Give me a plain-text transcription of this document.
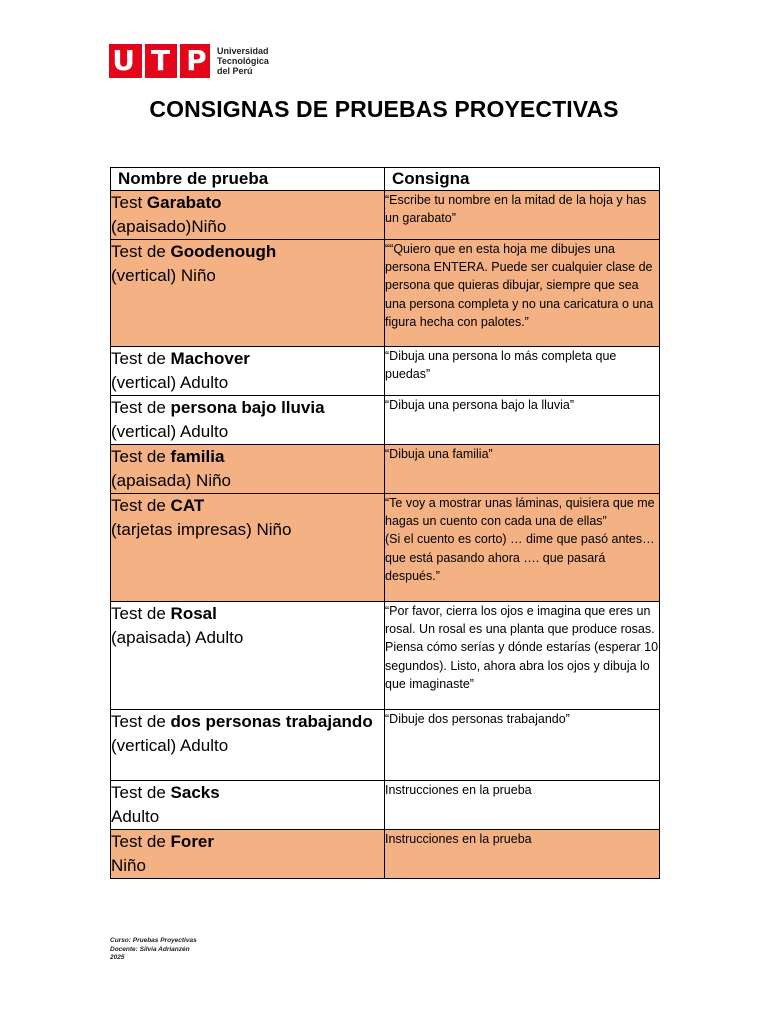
U T P Universidad
Tecnológica
del Perú
CONSIGNAS DE PRUEBAS PROYECTIVAS
Nombre de prueba	Consigna
Test Garabato
(apaisado)Niño	“Escribe tu nombre en la mitad de la hoja y has un garabato”

Test de Goodenough
(vertical) Niño	““Quiero que en esta hoja me dibujes una persona ENTERA. Puede ser cualquier clase de persona que quieras dibujar, siempre que sea una persona completa y no una caricatura o una figura hecha con palotes.”

Test de Machover
(vertical) Adulto	“Dibuja una persona lo más completa que puedas”

Test de persona bajo lluvia
(vertical) Adulto	“Dibuja una persona bajo la lluvia”

Test de familia
(apaisada) Niño	“Dibuja una familia”

Test de CAT
(tarjetas impresas) Niño	“Te voy a mostrar unas láminas, quisiera que me hagas un cuento con cada una de ellas”
(Si el cuento es corto) … dime que pasó antes… que está pasando ahora …. que pasará después.”

Test de Rosal
(apaisada) Adulto	“Por favor, cierra los ojos e imagina que eres un rosal. Un rosal es una planta que produce rosas. Piensa cómo serías y dónde estarías (esperar 10 segundos). Listo, ahora abra los ojos y dibuja lo que imaginaste”

Test de dos personas trabajando
(vertical) Adulto	“Dibuje dos personas trabajando”

Test de Sacks
Adulto	Instrucciones en la prueba

Test de Forer
Niño	Instrucciones en la prueba
Curso: Pruebas Proyectivas
Docente: Silvia Adrianzén
2025
